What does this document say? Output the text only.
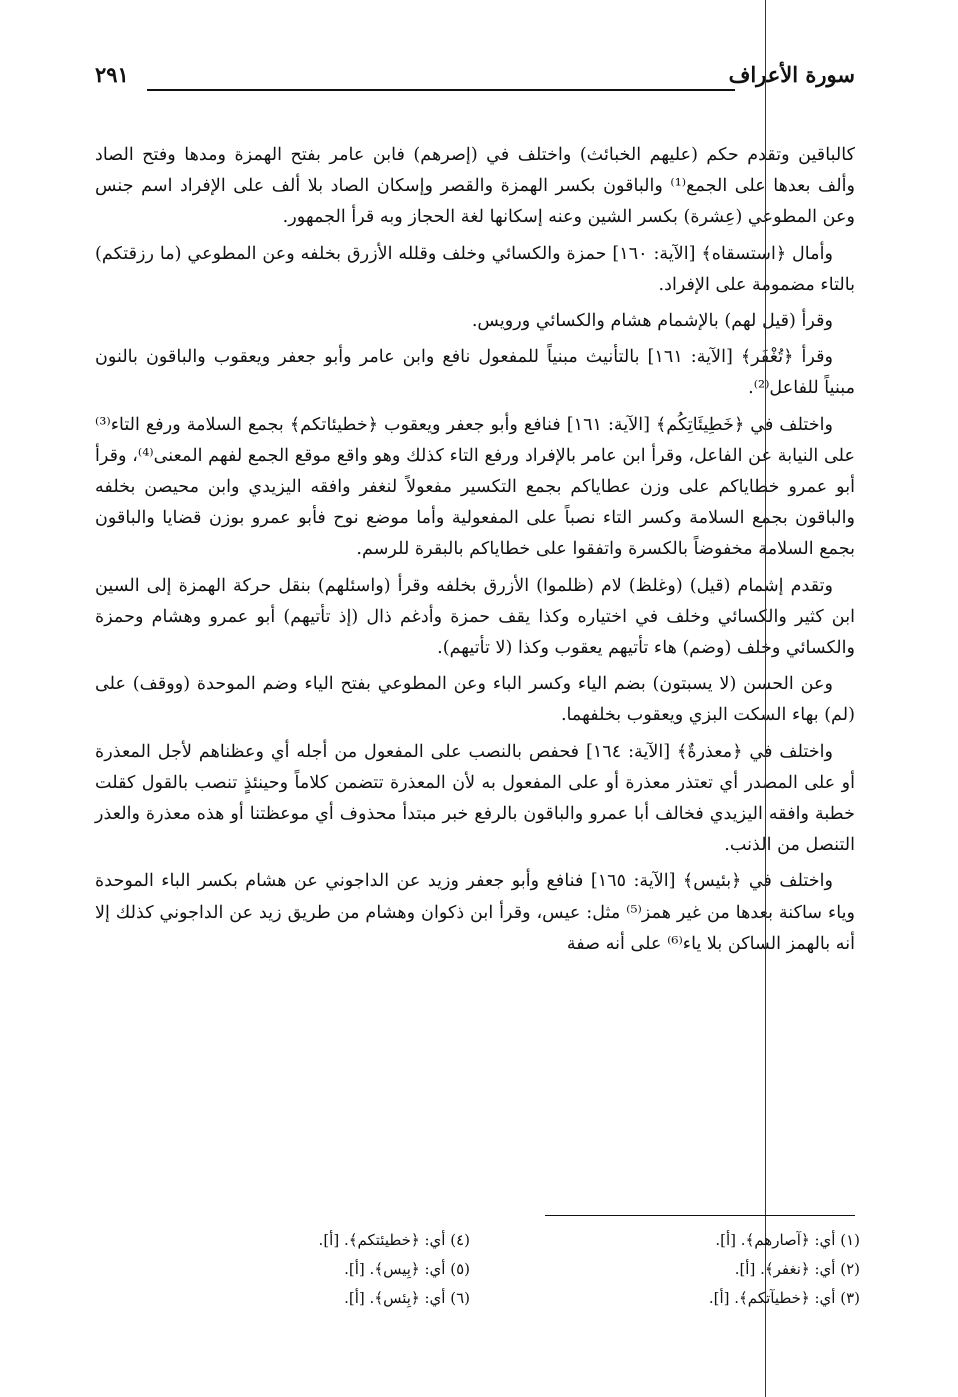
سورة الأعراف
٢٩١

كالباقين وتقدم حكم (عليهم الخبائث) واختلف في (إصرهم) فابن عامر بفتح الهمزة ومدها وفتح الصاد وألف بعدها على الجمع⁽¹⁾ والباقون بكسر الهمزة والقصر وإسكان الصاد بلا ألف على الإفراد اسم جنس وعن المطوعي (عِشرة) بكسر الشين وعنه إسكانها لغة الحجاز وبه قرأ الجمهور.

وأمال ﴿استسقاه﴾ [الآية: ١٦٠] حمزة والكسائي وخلف وقلله الأزرق بخلفه وعن المطوعي (ما رزقتكم) بالتاء مضمومة على الإفراد.

وقرأ (قيل لهم) بالإشمام هشام والكسائي ورويس.

وقرأ ﴿تُغْفَر﴾ [الآية: ١٦١] بالتأنيث مبنياً للمفعول نافع وابن عامر وأبو جعفر ويعقوب والباقون بالنون مبنياً للفاعل⁽²⁾.

واختلف في ﴿خَطِيئَاتِكُم﴾ [الآية: ١٦١] فنافع وأبو جعفر ويعقوب ﴿خطيئاتكم﴾ بجمع السلامة ورفع التاء⁽³⁾ على النيابة عن الفاعل، وقرأ ابن عامر بالإفراد ورفع التاء كذلك وهو واقع موقع الجمع لفهم المعنى⁽⁴⁾، وقرأ أبو عمرو خطاياكم على وزن عطاياكم بجمع التكسير مفعولاً لنغفر وافقه اليزيدي وابن محيصن بخلفه والباقون بجمع السلامة وكسر التاء نصباً على المفعولية وأما موضع نوح فأبو عمرو بوزن قضايا والباقون بجمع السلامة مخفوضاً بالكسرة واتفقوا على خطاياكم بالبقرة للرسم.

وتقدم إشمام (قيل) (وغلظ) لام (ظلموا) الأزرق بخلفه وقرأ (واسئلهم) بنقل حركة الهمزة إلى السين ابن كثير والكسائي وخلف في اختياره وكذا يقف حمزة وأدغم ذال (إذ تأتيهم) أبو عمرو وهشام وحمزة والكسائي وخلف (وضم) هاء تأتيهم يعقوب وكذا (لا تأتيهم).

وعن الحسن (لا يسبتون) بضم الياء وكسر الباء وعن المطوعي بفتح الياء وضم الموحدة (ووقف) على (لم) بهاء السكت البزي ويعقوب بخلفهما.

واختلف في ﴿معذرةٌ﴾ [الآية: ١٦٤] فحفص بالنصب على المفعول من أجله أي وعظناهم لأجل المعذرة أو على المصدر أي تعتذر معذرة أو على المفعول به لأن المعذرة تتضمن كلاماً وحينئذٍ تنصب بالقول كقلت خطبة وافقه اليزيدي فخالف أبا عمرو والباقون بالرفع خبر مبتدأ محذوف أي موعظتنا أو هذه معذرة والعذر التنصل من الذنب.

واختلف في ﴿بئيس﴾ [الآية: ١٦٥] فنافع وأبو جعفر وزيد عن الداجوني عن هشام بكسر الباء الموحدة وياء ساكنة بعدها من غير همز⁽⁵⁾ مثل: عيس، وقرأ ابن ذكوان وهشام من طريق زيد عن الداجوني كذلك إلا أنه بالهمز الساكن بلا ياء⁽⁶⁾ على أنه صفة

(١) أي: ﴿آصارهم﴾. [أ].
(٢) أي: ﴿نغفر﴾. [أ].
(٣) أي: ﴿خطيآتكم﴾. [أ].
(٤) أي: ﴿خطيئتكم﴾. [أ].
(٥) أي: ﴿بِيس﴾. [أ].
(٦) أي: ﴿بِئس﴾. [أ].
